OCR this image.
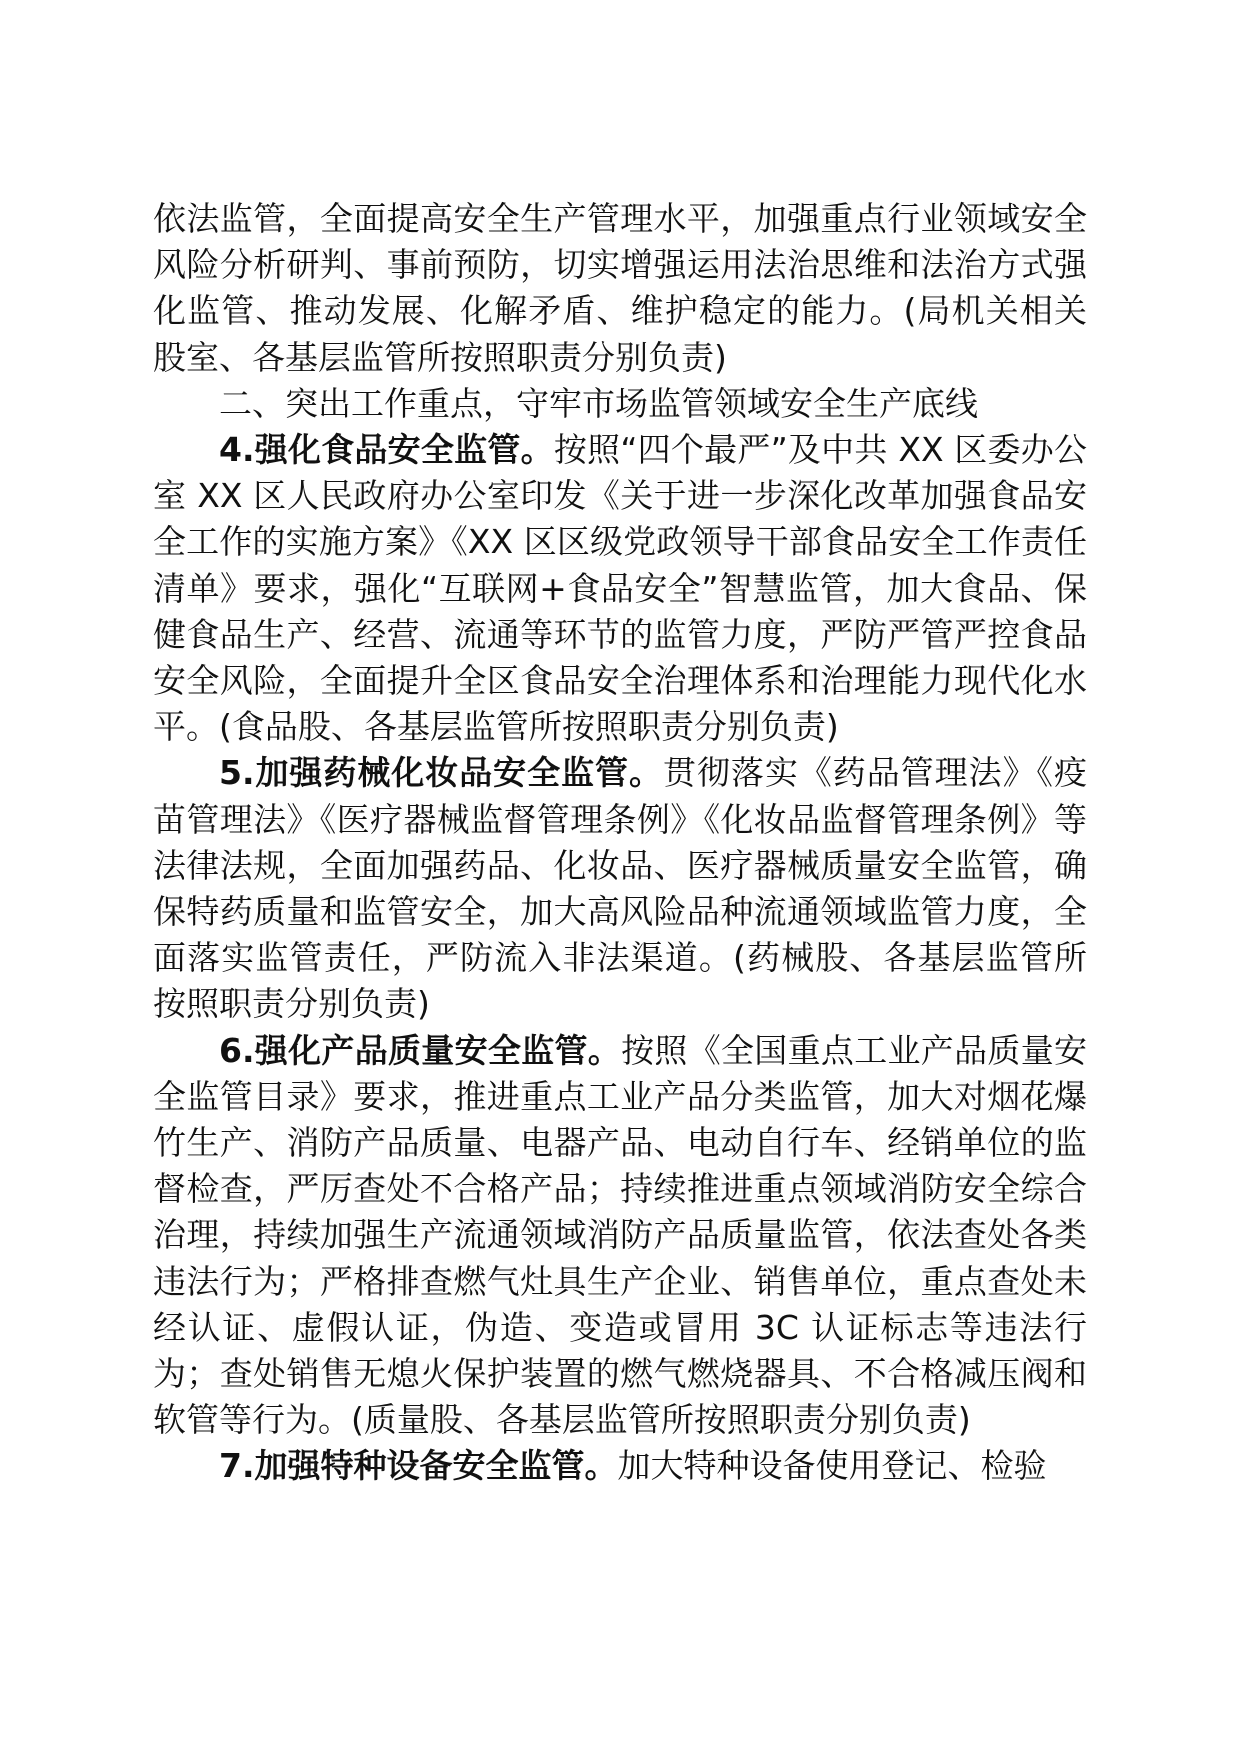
依法监管，全面提高安全生产管理水平，加强重点行业领域安全风险分析研判、事前预防，切实增强运用法治思维和法治方式强化监管、推动发展、化解矛盾、维护稳定的能力。(局机关相关股室、各基层监管所按照职责分别负责)

二、突出工作重点，守牢市场监管领域安全生产底线

4.强化食品安全监管。按照“四个最严”及中共 XX 区委办公室 XX 区人民政府办公室印发《关于进一步深化改革加强食品安全工作的实施方案》《XX 区区级党政领导干部食品安全工作责任清单》要求，强化“互联网+食品安全”智慧监管，加大食品、保健食品生产、经营、流通等环节的监管力度，严防严管严控食品安全风险，全面提升全区食品安全治理体系和治理能力现代化水平。(食品股、各基层监管所按照职责分别负责)

5.加强药械化妆品安全监管。贯彻落实《药品管理法》《疫苗管理法》《医疗器械监督管理条例》《化妆品监督管理条例》等法律法规，全面加强药品、化妆品、医疗器械质量安全监管，确保特药质量和监管安全，加大高风险品种流通领域监管力度，全面落实监管责任，严防流入非法渠道。(药械股、各基层监管所按照职责分别负责)

6.强化产品质量安全监管。按照《全国重点工业产品质量安全监管目录》要求，推进重点工业产品分类监管，加大对烟花爆竹生产、消防产品质量、电器产品、电动自行车、经销单位的监督检查，严厉查处不合格产品；持续推进重点领域消防安全综合治理，持续加强生产流通领域消防产品质量监管，依法查处各类违法行为；严格排查燃气灶具生产企业、销售单位，重点查处未经认证、虚假认证，伪造、变造或冒用 3C 认证标志等违法行为；查处销售无熄火保护装置的燃气燃烧器具、不合格减压阀和软管等行为。(质量股、各基层监管所按照职责分别负责)

7.加强特种设备安全监管。加大特种设备使用登记、检验
